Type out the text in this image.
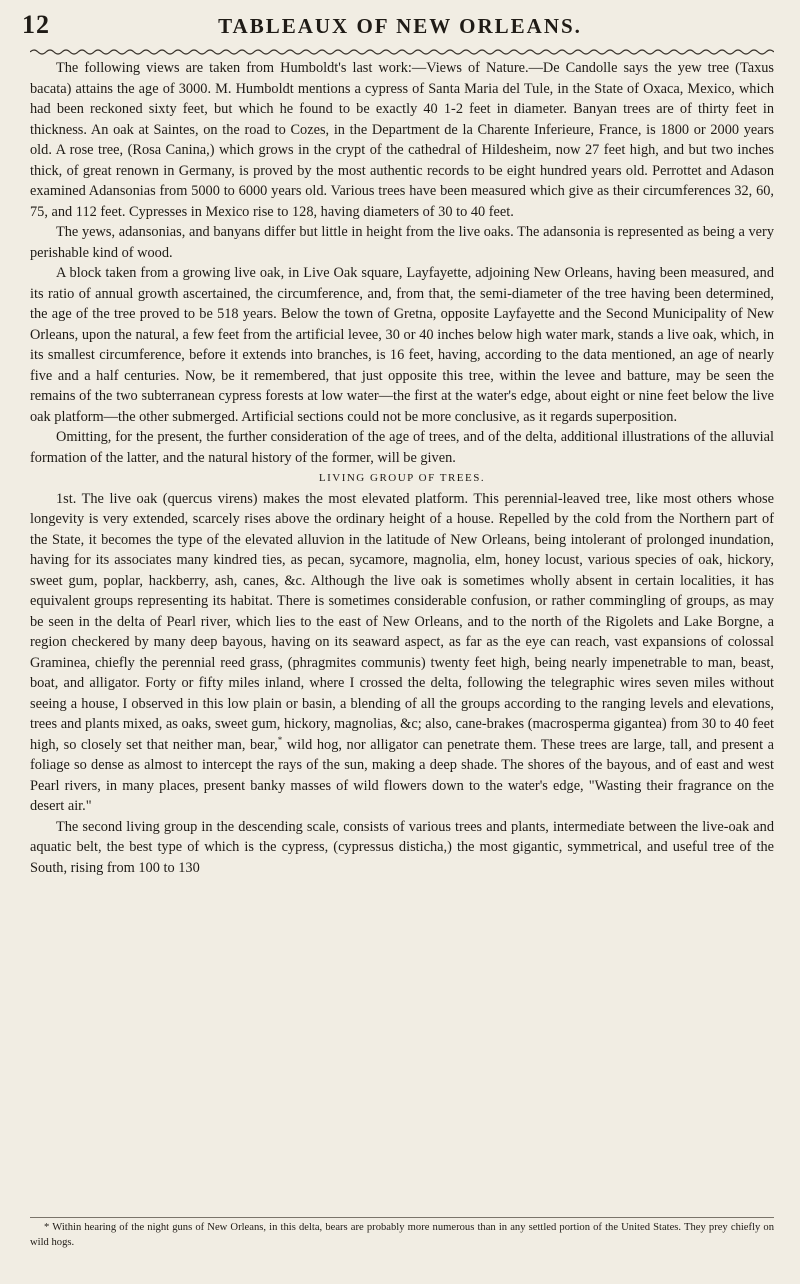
12	TABLEAUX OF NEW ORLEANS.

The following views are taken from Humboldt's last work:—Views of Nature.—De Candolle says the yew tree (Taxus bacata) attains the age of 3000. M. Humboldt mentions a cypress of Santa Maria del Tule, in the State of Oxaca, Mexico, which had been reckoned sixty feet, but which he found to be exactly 40 1-2 feet in diameter. Banyan trees are of thirty feet in thickness. An oak at Saintes, on the road to Cozes, in the Department de la Charente Inferieure, France, is 1800 or 2000 years old. A rose tree, (Rosa Canina,) which grows in the crypt of the cathedral of Hildesheim, now 27 feet high, and but two inches thick, of great renown in Germany, is proved by the most authentic records to be eight hundred years old. Perrottet and Adason examined Adansonias from 5000 to 6000 years old. Various trees have been measured which give as their circumferences 32, 60, 75, and 112 feet. Cypresses in Mexico rise to 128, having diameters of 30 to 40 feet.

The yews, adansonias, and banyans differ but little in height from the live oaks. The adansonia is represented as being a very perishable kind of wood.

A block taken from a growing live oak, in Live Oak square, Layfayette, adjoining New Orleans, having been measured, and its ratio of annual growth ascertained, the circumference, and, from that, the semi-diameter of the tree having been determined, the age of the tree proved to be 518 years. Below the town of Gretna, opposite Layfayette and the Second Municipality of New Orleans, upon the natural, a few feet from the artificial levee, 30 or 40 inches below high water mark, stands a live oak, which, in its smallest circumference, before it extends into branches, is 16 feet, having, according to the data mentioned, an age of nearly five and a half centuries. Now, be it remembered, that just opposite this tree, within the levee and batture, may be seen the remains of the two subterranean cypress forests at low water—the first at the water's edge, about eight or nine feet below the live oak platform—the other submerged. Artificial sections could not be more conclusive, as it regards superposition.

Omitting, for the present, the further consideration of the age of trees, and of the delta, additional illustrations of the alluvial formation of the latter, and the natural history of the former, will be given.

LIVING GROUP OF TREES.

1st. The live oak (quercus virens) makes the most elevated platform. This perennial-leaved tree, like most others whose longevity is very extended, scarcely rises above the ordinary height of a house. Repelled by the cold from the Northern part of the State, it becomes the type of the elevated alluvion in the latitude of New Orleans, being intolerant of prolonged inundation, having for its associates many kindred ties, as pecan, sycamore, magnolia, elm, honey locust, various species of oak, hickory, sweet gum, poplar, hackberry, ash, canes, &c. Although the live oak is sometimes wholly absent in certain localities, it has equivalent groups representing its habitat. There is sometimes considerable confusion, or rather commingling of groups, as may be seen in the delta of Pearl river, which lies to the east of New Orleans, and to the north of the Rigolets and Lake Borgne, a region checkered by many deep bayous, having on its seaward aspect, as far as the eye can reach, vast expansions of colossal Graminea, chiefly the perennial reed grass, (phragmites communis) twenty feet high, being nearly impenetrable to man, beast, boat, and alligator. Forty or fifty miles inland, where I crossed the delta, following the telegraphic wires seven miles without seeing a house, I observed in this low plain or basin, a blending of all the groups according to the ranging levels and elevations, trees and plants mixed, as oaks, sweet gum, hickory, magnolias, &c; also, cane-brakes (macrosperma gigantea) from 30 to 40 feet high, so closely set that neither man, bear,* wild hog, nor alligator can penetrate them. These trees are large, tall, and present a foliage so dense as almost to intercept the rays of the sun, making a deep shade. The shores of the bayous, and of east and west Pearl rivers, in many places, present banky masses of wild flowers down to the water's edge, "Wasting their fragrance on the desert air."

The second living group in the descending scale, consists of various trees and plants, intermediate between the live-oak and aquatic belt, the best type of which is the cypress, (cypressus disticha,) the most gigantic, symmetrical, and useful tree of the South, rising from 100 to 130

* Within hearing of the night guns of New Orleans, in this delta, bears are probably more numerous than in any settled portion of the United States. They prey chiefly on wild hogs.
